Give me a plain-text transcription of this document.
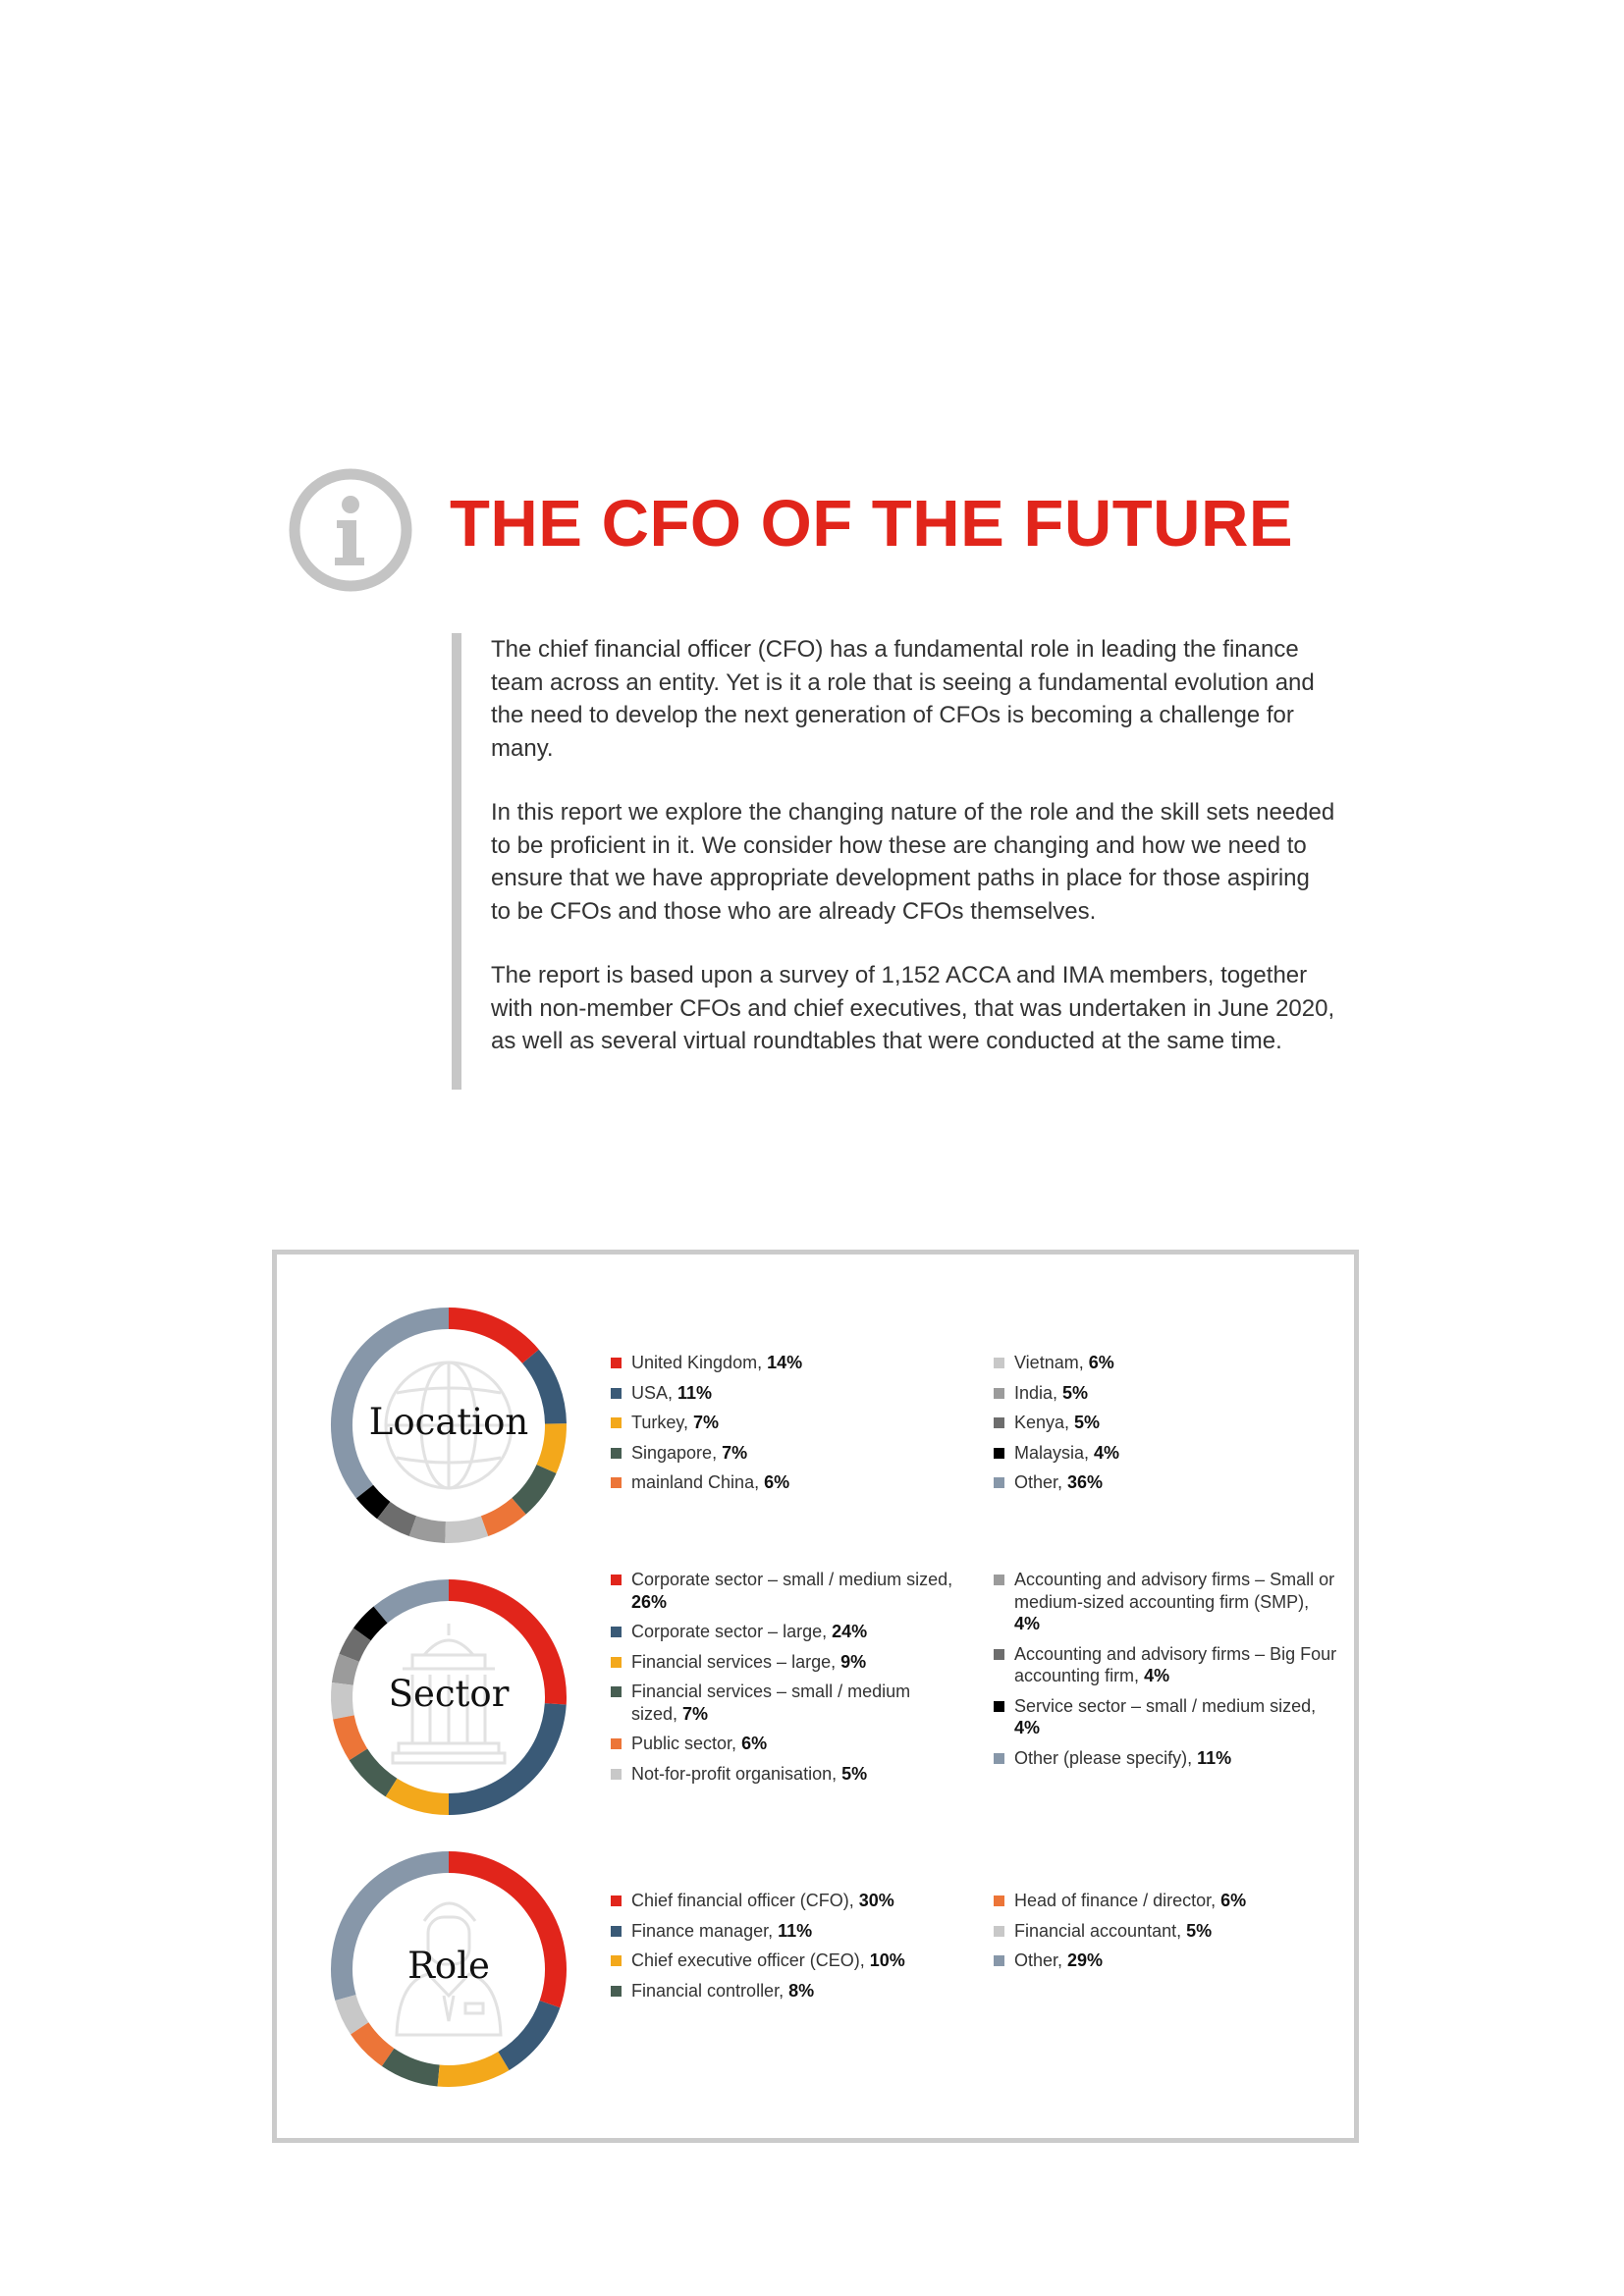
THE CFO OF THE FUTURE

The chief financial officer (CFO) has a fundamental role in leading the finance team across an entity. Yet is it a role that is seeing a fundamental evolution and the need to develop the next generation of CFOs is becoming a challenge for many.

In this report we explore the changing nature of the role and the skill sets needed to be proficient in it. We consider how these are changing and how we need to ensure that we have appropriate development paths in place for those aspiring to be CFOs and those who are already CFOs themselves.

The report is based upon a survey of 1,152 ACCA and IMA members, together with non-member CFOs and chief executives, that was undertaken in June 2020, as well as several virtual roundtables that were conducted at the same time.

Location
United Kingdom, 14%
USA, 11%
Turkey, 7%
Singapore, 7%
mainland China, 6%
Vietnam, 6%
India, 5%
Kenya, 5%
Malaysia, 4%
Other, 36%
Sector
Corporate sector – small / medium sized, 26%
Corporate sector – large, 24%
Financial services – large, 9%
Financial services – small / medium sized, 7%
Public sector, 6%
Not-for-profit organisation, 5%
Accounting and advisory firms – Small or medium-sized accounting firm (SMP), 4%
Accounting and advisory firms – Big Four accounting firm, 4%
Service sector – small / medium sized, 4%
Other (please specify), 11%
Role
Chief financial officer (CFO), 30%
Finance manager, 11%
Chief executive officer (CEO), 10%
Financial controller, 8%
Head of finance / director, 6%
Financial accountant, 5%
Other, 29%
